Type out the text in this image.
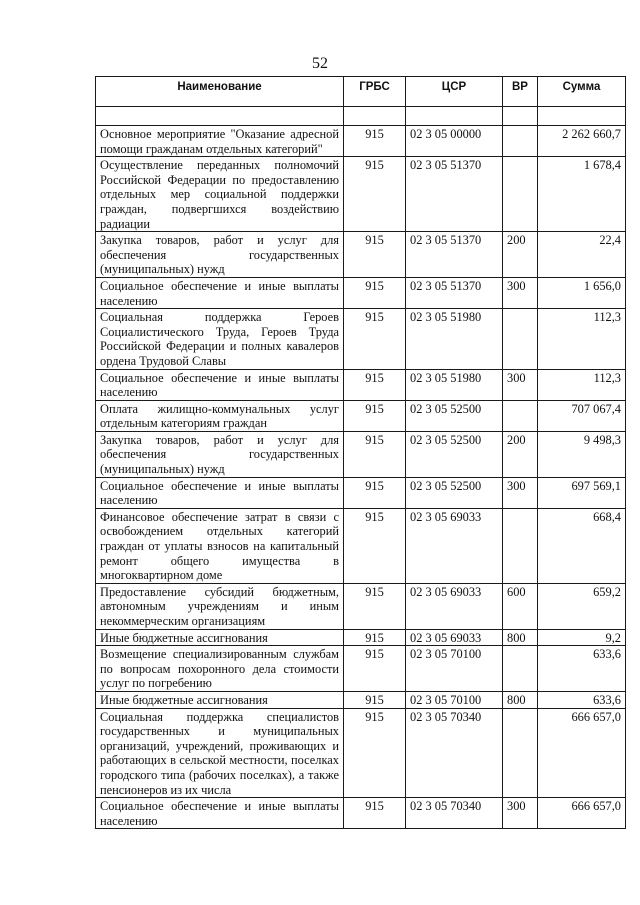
52
Наименование	ГРБС	ЦСР	ВР	Сумма

Основное мероприятие "Оказание адресной помощи гражданам отдельных категорий"	915	02 3 05 00000		2 262 660,7
Осуществление переданных полномочий Российской Федерации по предоставлению отдельных мер социальной поддержки граждан, подвергшихся воздействию радиации	915	02 3 05 51370		1 678,4
Закупка товаров, работ и услуг для обеспечения государственных (муниципальных) нужд	915	02 3 05 51370	200	22,4
Социальное обеспечение и иные выплаты населению	915	02 3 05 51370	300	1 656,0
Социальная поддержка Героев Социалистического Труда, Героев Труда Российской Федерации и полных кавалеров ордена Трудовой Славы	915	02 3 05 51980		112,3
Социальное обеспечение и иные выплаты населению	915	02 3 05 51980	300	112,3
Оплата жилищно-коммунальных услуг отдельным категориям граждан	915	02 3 05 52500		707 067,4
Закупка товаров, работ и услуг для обеспечения государственных (муниципальных) нужд	915	02 3 05 52500	200	9 498,3
Социальное обеспечение и иные выплаты населению	915	02 3 05 52500	300	697 569,1
Финансовое обеспечение затрат в связи с освобождением отдельных категорий граждан от уплаты взносов на капитальный ремонт общего имущества в многоквартирном доме	915	02 3 05 69033		668,4
Предоставление субсидий бюджетным, автономным учреждениям и иным некоммерческим организациям	915	02 3 05 69033	600	659,2
Иные бюджетные ассигнования	915	02 3 05 69033	800	9,2
Возмещение специализированным службам по вопросам похоронного дела стоимости услуг по погребению	915	02 3 05 70100		633,6
Иные бюджетные ассигнования	915	02 3 05 70100	800	633,6
Социальная поддержка специалистов государственных и муниципальных организаций, учреждений, проживающих и работающих в сельской местности, поселках городского типа (рабочих поселках), а также пенсионеров из их числа	915	02 3 05 70340		666 657,0
Социальное обеспечение и иные выплаты населению	915	02 3 05 70340	300	666 657,0
